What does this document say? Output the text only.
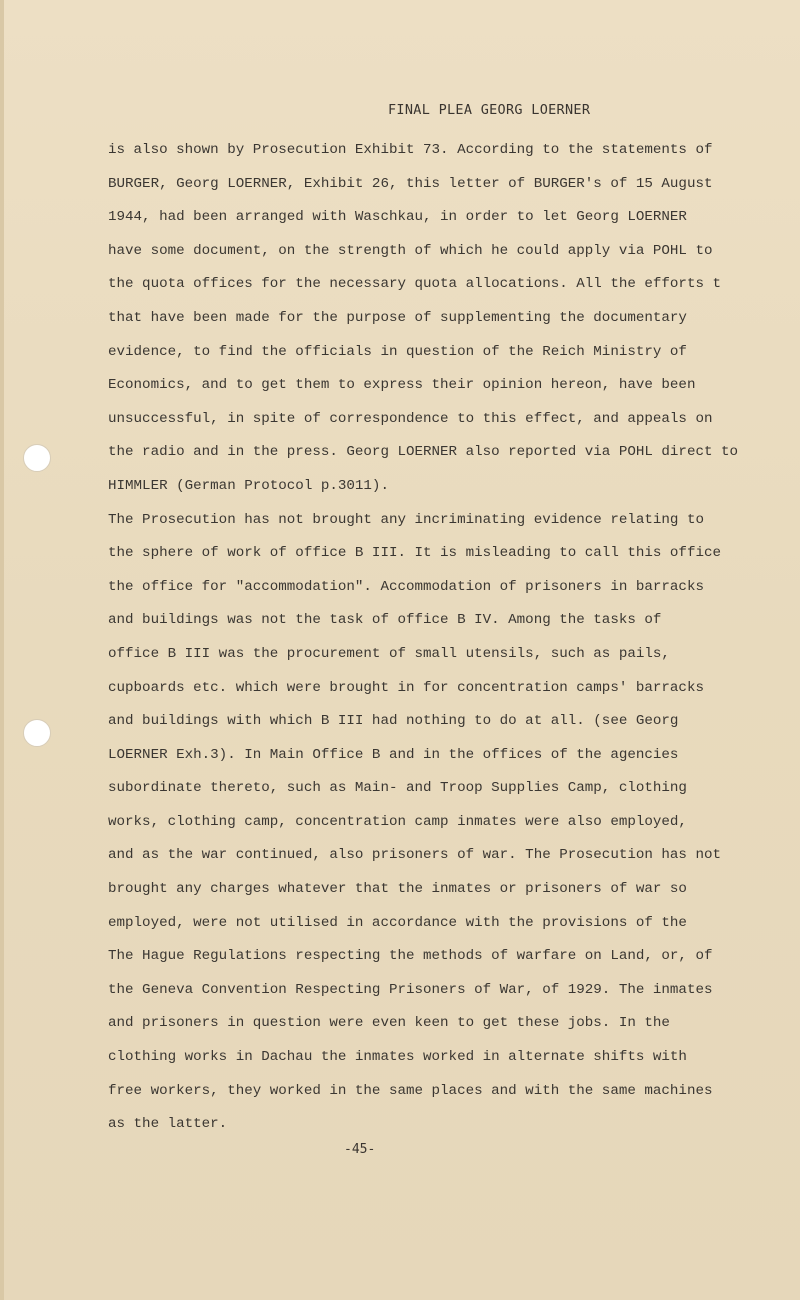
FINAL PLEA GEORG LOERNER
is also shown by Prosecution Exhibit 73. According to the statements of
BURGER, Georg LOERNER, Exhibit 26, this letter of BURGER's of 15 August
1944, had been arranged with Waschkau, in order to let Georg LOERNER
have some document, on the strength of which he could apply via POHL to
the quota offices for the necessary quota allocations. All the efforts t
that have been made for the purpose of supplementing the documentary
evidence, to find the officials in question of the Reich Ministry of
Economics, and to get them to express their opinion hereon, have been
unsuccessful, in spite of correspondence to this effect, and appeals on
the radio and in the press. Georg LOERNER also reported via POHL direct to
HIMMLER (German Protocol p.3011).
The Prosecution has not brought any incriminating evidence relating to
the sphere of work of office B III. It is misleading to call this office
the office for "accommodation". Accommodation of prisoners in barracks
and buildings was not the task of office B IV. Among the tasks of
office B III was the procurement of small utensils, such as pails,
cupboards etc. which were brought in for concentration camps' barracks
and buildings with which B III had nothing to do at all. (see Georg
LOERNER Exh.3). In Main Office B and in the offices of the agencies
subordinate thereto, such as Main- and Troop Supplies Camp, clothing
works, clothing camp, concentration camp inmates were also employed,
and as the war continued, also prisoners of war. The Prosecution has not
brought any charges whatever that the inmates or prisoners of war so
employed, were not utilised in accordance with the provisions of the
The Hague Regulations respecting the methods of warfare on Land, or, of
the Geneva Convention Respecting Prisoners of War, of 1929. The inmates
and prisoners in question were even keen to get these jobs. In the
clothing works in Dachau the inmates worked in alternate shifts with
free workers, they worked in the same places and with the same machines
as the latter.
-45-
